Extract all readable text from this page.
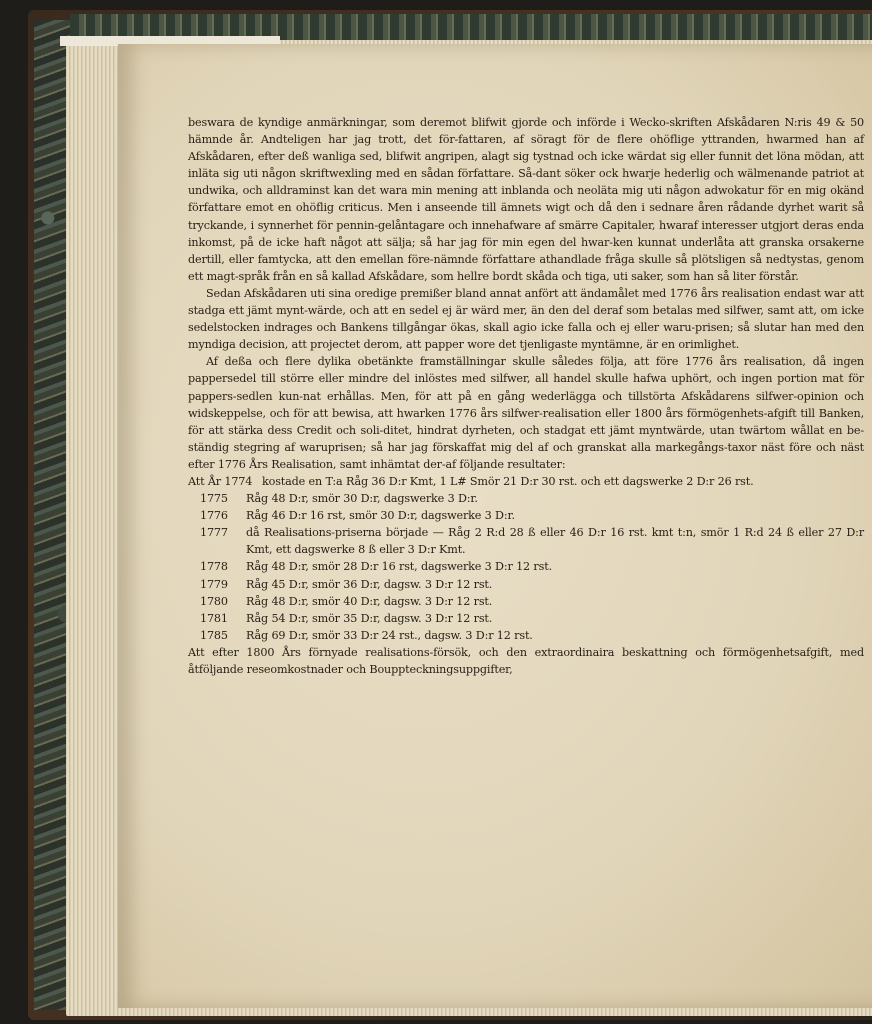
beswara de kyndige anmärkningar, som deremot blifwit gjorde och införde i Wecko-skriften Afskådaren N:ris 49 & 50 hämnde år. Andteligen har jag trott, det för-fattaren, af söragt för de flere ohöflige yttranden, hwarmed han af Afskådaren, efter deß wanliga sed, blifwit angripen, alagt sig tystnad och icke wärdat sig eller funnit det löna mödan, att inläta sig uti någon skriftwexling med en sådan författare. Så-dant söker ock hwarje hederlig och wälmenande patriot at undwika, och alldraminst kan det wara min mening att inblanda och neoläta mig uti någon adwokatur för en mig okänd författare emot en ohöflig criticus. Men i anseende till ämnets wigt och då den i sednare åren rådande dyrhet warit så tryckande, i synnerhet för pennin-gelåntagare och innehafwarе af smärre Capitaler, hwaraf interesser utgjort deras enda inkomst, på de icke haft något att sälja; så har jag för min egen del hwar-ken kunnat underlåta att granska orsakerne dertill, eller famtycka, att den emellan före-nämnde författare athandlade fråga skulle så plötsligen så nedtystas, genom ett magt-språk från en så kallad Afskådare, som hellre bordt skåda och tiga, uti saker, som han så liter förstår.

Sedan Afskådaren uti sina oredige premißer bland annat anfört att ändamålet med 1776 års realisation endast war att stadga ett jämt mynt-wärde, och att en sedel ej är wärd mer, än den del deraf som betalas med silfwer, samt att, om icke sedelstocken indrages och Bankens tillgångar ökas, skall agio icke falla och ej eller waru-prisen; så slutar han med den myndiga decision, att projectet derom, att papper wore det tjenligaste myntämne, är en orimlighet.

Af deßa och flere dylika obetänkte framställningar skulle således följa, att före 1776 års realisation, då ingen pappersedel till större eller mindre del inlöstes med silfwer, all handel skulle hafwa uphört, och ingen portion mat för pappers-sedlen kun-nat erhållas. Men, för att på en gång wederlägga och tillstörta Afskådarens silfwer-opinion och widskeppelse, och för att bewisa, att hwarken 1776 års silfwer-realisation eller 1800 års förmögenhets-afgift till Banken, för att stärka dess Credit och soli-ditet, hindrat dyrheten, och stadgat ett jämt myntwärde, utan twärtom wållat en be-ständig stegring af waruprisen; så har jag förskaffat mig del af och granskat alla markegångs-taxor näst före och näst efter 1776 Års Realisation, samt inhämtat der-af följande resultater:

Att År 1774 kostade en T:a Råg 36 D:r Kmt, 1 L# Smör 21 D:r 30 rst. och ett dagswerke 2 D:r 26 rst.
1775	Råg 48 D:r, smör 30 D:r, dagswerke 3 D:r.
1776	Råg 46 D:r 16 rst, smör 30 D:r, dagswerke 3 D:r.
1777	då Realisations-priserna började — Råg 2 R:d 28 ß eller 46 D:r 16 rst. kmt t:n, smör 1 R:d 24 ß eller 27 D:r Kmt, ett dagswerke 8 ß eller 3 D:r Kmt.
1778	Råg 48 D:r, smör 28 D:r 16 rst, dagswerke 3 D:r 12 rst.
1779	Råg 45 D:r, smör 36 D:r, dagsw. 3 D:r 12 rst.
1780	Råg 48 D:r, smör 40 D:r, dagsw. 3 D:r 12 rst.
1781	Råg 54 D:r, smör 35 D:r, dagsw. 3 D:r 12 rst.
1785	Råg 69 D:r, smör 33 D:r 24 rst., dagsw. 3 D:r 12 rst.

Att efter 1800 Års förnyade realisations-försök, och den extraordinaira beskattning och förmögenhetsafgift, med åtföljande reseomkostnader och Bouppteckningsuppgifter,
